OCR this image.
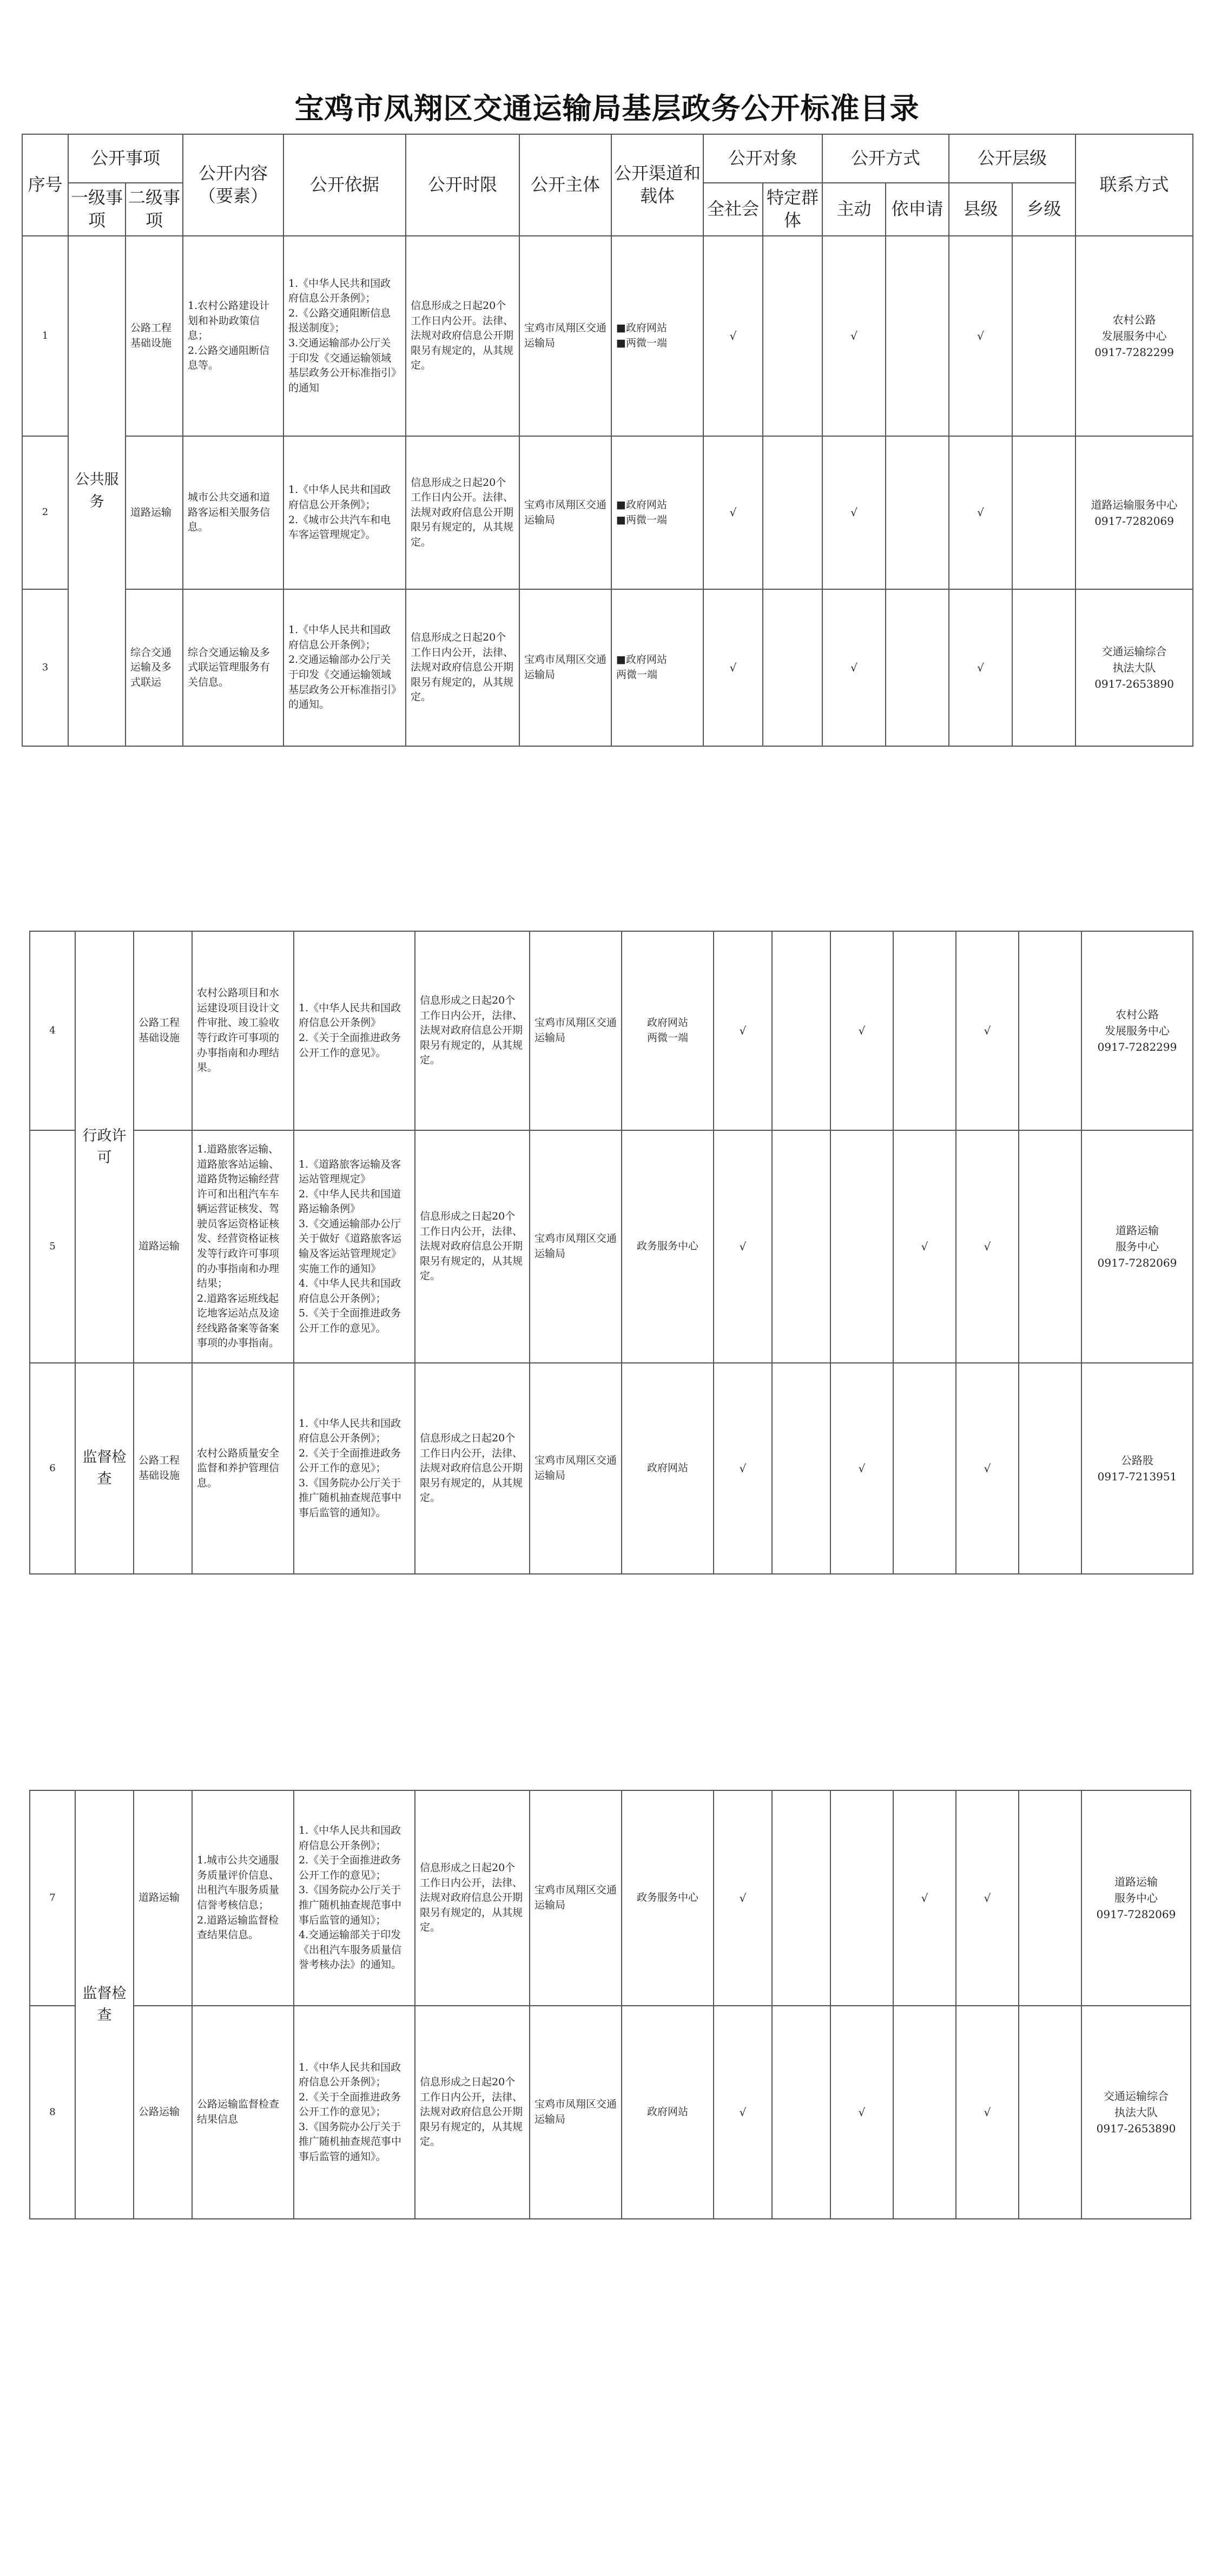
宝鸡市凤翔区交通运输局基层政务公开标准目录
序号	公开事项		公开内容（要素）	公开依据	公开时限	公开主体	公开渠道和载体	公开对象		公开方式		公开层级		联系方式
	一级事项	二级事项						全社会	特定群体	主动	依申请	县级	乡级	
1	公共服务	公路工程基础设施	1.农村公路建设计划和补助政策信息；
2.公路交通阻断信息等。	1.《中华人民共和国政府信息公开条例》；
2.《公路交通阻断信息报送制度》；
3.交通运输部办公厅关于印发《交通运输领域基层政务公开标准指引》的通知	信息形成之日起20个工作日内公开。法律、法规对政府信息公开期限另有规定的，从其规定。	宝鸡市凤翔区交通运输局	■政府网站
■两微一端	√		√		√		农村公路
发展服务中心
0917-7282299

2		道路运输	城市公共交通和道路客运相关服务信息。	1.《中华人民共和国政府信息公开条例》；
2.《城市公共汽车和电车客运管理规定》。	信息形成之日起20个工作日内公开。法律、法规对政府信息公开期限另有规定的，从其规定。	宝鸡市凤翔区交通运输局	■政府网站
■两微一端	√		√		√		道路运输服务中心
0917-7282069

3		综合交通运输及多式联运	综合交通运输及多式联运管理服务有关信息。	1.《中华人民共和国政府信息公开条例》；
2.交通运输部办公厅关于印发《交通运输领域基层政务公开标准指引》的通知。	信息形成之日起20个工作日内公开，法律、法规对政府信息公开期限另有规定的，从其规定。	宝鸡市凤翔区交通运输局	■政府网站
两微一端	√		√		√		交通运输综合
执法大队
0917-2653890
4	行政许可	公路工程基础设施	农村公路项目和水运建设项目设计文件审批、竣工验收等行政许可事项的办事指南和办理结果。	1.《中华人民共和国政府信息公开条例》
2.《关于全面推进政务公开工作的意见》。	信息形成之日起20个工作日内公开，法律、法规对政府信息公开期限另有规定的，从其规定。	宝鸡市凤翔区交通运输局	政府网站
两微一端	√		√		√		农村公路
发展服务中心
0917-7282299

5		道路运输	1.道路旅客运输、道路旅客站运输、道路货物运输经营许可和出租汽车车辆运营证核发、驾驶员客运资格证核发、经营资格证核发等行政许可事项的办事指南和办理结果；
2.道路客运班线起讫地客运站点及途经线路备案等备案事项的办事指南。	1.《道路旅客运输及客运站管理规定》
2.《中华人民共和国道路运输条例》
3.《交通运输部办公厅关于做好《道路旅客运输及客运站管理规定》实施工作的通知》
4.《中华人民共和国政府信息公开条例》；
5.《关于全面推进政务公开工作的意见》。	信息形成之日起20个工作日内公开，法律、法规对政府信息公开期限另有规定的，从其规定。	宝鸡市凤翔区交通运输局	政务服务中心	√			√	√		道路运输
服务中心
0917-7282069

6	监督检查	公路工程基础设施	农村公路质量安全监督和养护管理信息。	1.《中华人民共和国政府信息公开条例》；
2.《关于全面推进政务公开工作的意见》；
3.《国务院办公厅关于推广随机抽查规范事中事后监管的通知》。	信息形成之日起20个工作日内公开，法律、法规对政府信息公开期限另有规定的，从其规定。	宝鸡市凤翔区交通运输局	政府网站	√		√		√		公路股
0917-7213951
7	监督检查	道路运输	1.城市公共交通服务质量评价信息、出租汽车服务质量信誉考核信息；
2.道路运输监督检查结果信息。	1.《中华人民共和国政府信息公开条例》；
2.《关于全面推进政务公开工作的意见》；
3.《国务院办公厅关于推广随机抽查规范事中事后监管的通知》；
4.交通运输部关于印发《出租汽车服务质量信誉考核办法》的通知。	信息形成之日起20个工作日内公开，法律、法规对政府信息公开期限另有规定的，从其规定。	宝鸡市凤翔区交通运输局	政务服务中心	√			√	√		道路运输
服务中心
0917-7282069

8		公路运输	公路运输监督检查结果信息	1.《中华人民共和国政府信息公开条例》；
2.《关于全面推进政务公开工作的意见》；
3.《国务院办公厅关于推广随机抽查规范事中事后监管的通知》。	信息形成之日起20个工作日内公开，法律、法规对政府信息公开期限另有规定的，从其规定。	宝鸡市凤翔区交通运输局	政府网站	√		√		√		交通运输综合
执法大队
0917-2653890
